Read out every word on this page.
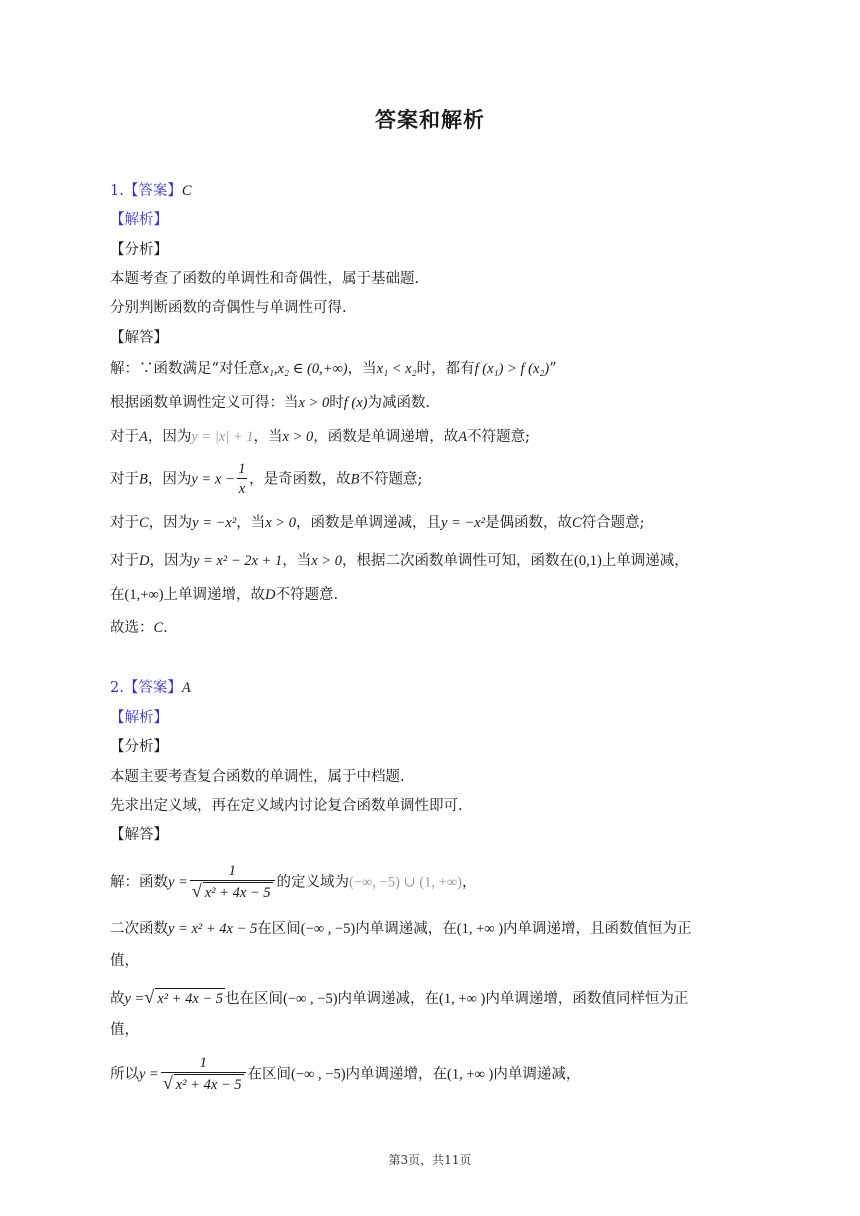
答案和解析
1.【答案】C
【解析】
【分析】
本题考查了函数的单调性和奇偶性，属于基础题.
分别判断函数的奇偶性与单调性可得.
【解答】
解：∵函数满足“对任意x₁,x₂ ∈ (0,+∞)，当x₁ < x₂时，都有f (x₁) > f (x₂)”
根据函数单调性定义可得：当x > 0时f (x)为减函数.
对于A，因为y = |x| + 1，当x > 0，函数是单调递增，故A不符题意;
对于B，因为$y = x - \frac{1}{x}$ ，是奇函数，故B不符题意;
对于C，因为y = −x²，当x > 0，函数是单调递减，且y = −x²是偶函数，故C符合题意;
对于D，因为y = x² − 2x + 1，当x > 0，根据二次函数单调性可知，函数在(0,1)上单调递减，
在(1,+∞)上单调递增，故D不符题意.
故选：C.
2.【答案】A
【解析】
【分析】
本题主要考查复合函数的单调性，属于中档题.
先求出定义域，再在定义域内讨论复合函数单调性即可.
【解答】
解：函数$y = \frac{1}{\text{√ x² + 4x − 5}}$ 的定义域为(−∞, −5) ∪ (1, +∞)，
二次函数y = x² + 4x − 5在区间(−∞ , −5)内单调递减，在(1, +∞ )内单调递增，且函数值恒为正
值，
故y =√ x² + 4x − 5 也在区间(−∞ , −5)内单调递减，在(1, +∞ )内单调递增，函数值同样恒为正
值，
所以$y = \frac{1}{\text{√ x² + 4x − 5}}$ 在区间(−∞ , −5)内单调递增，在(1, +∞ )内单调递减，
第3页，共11页
